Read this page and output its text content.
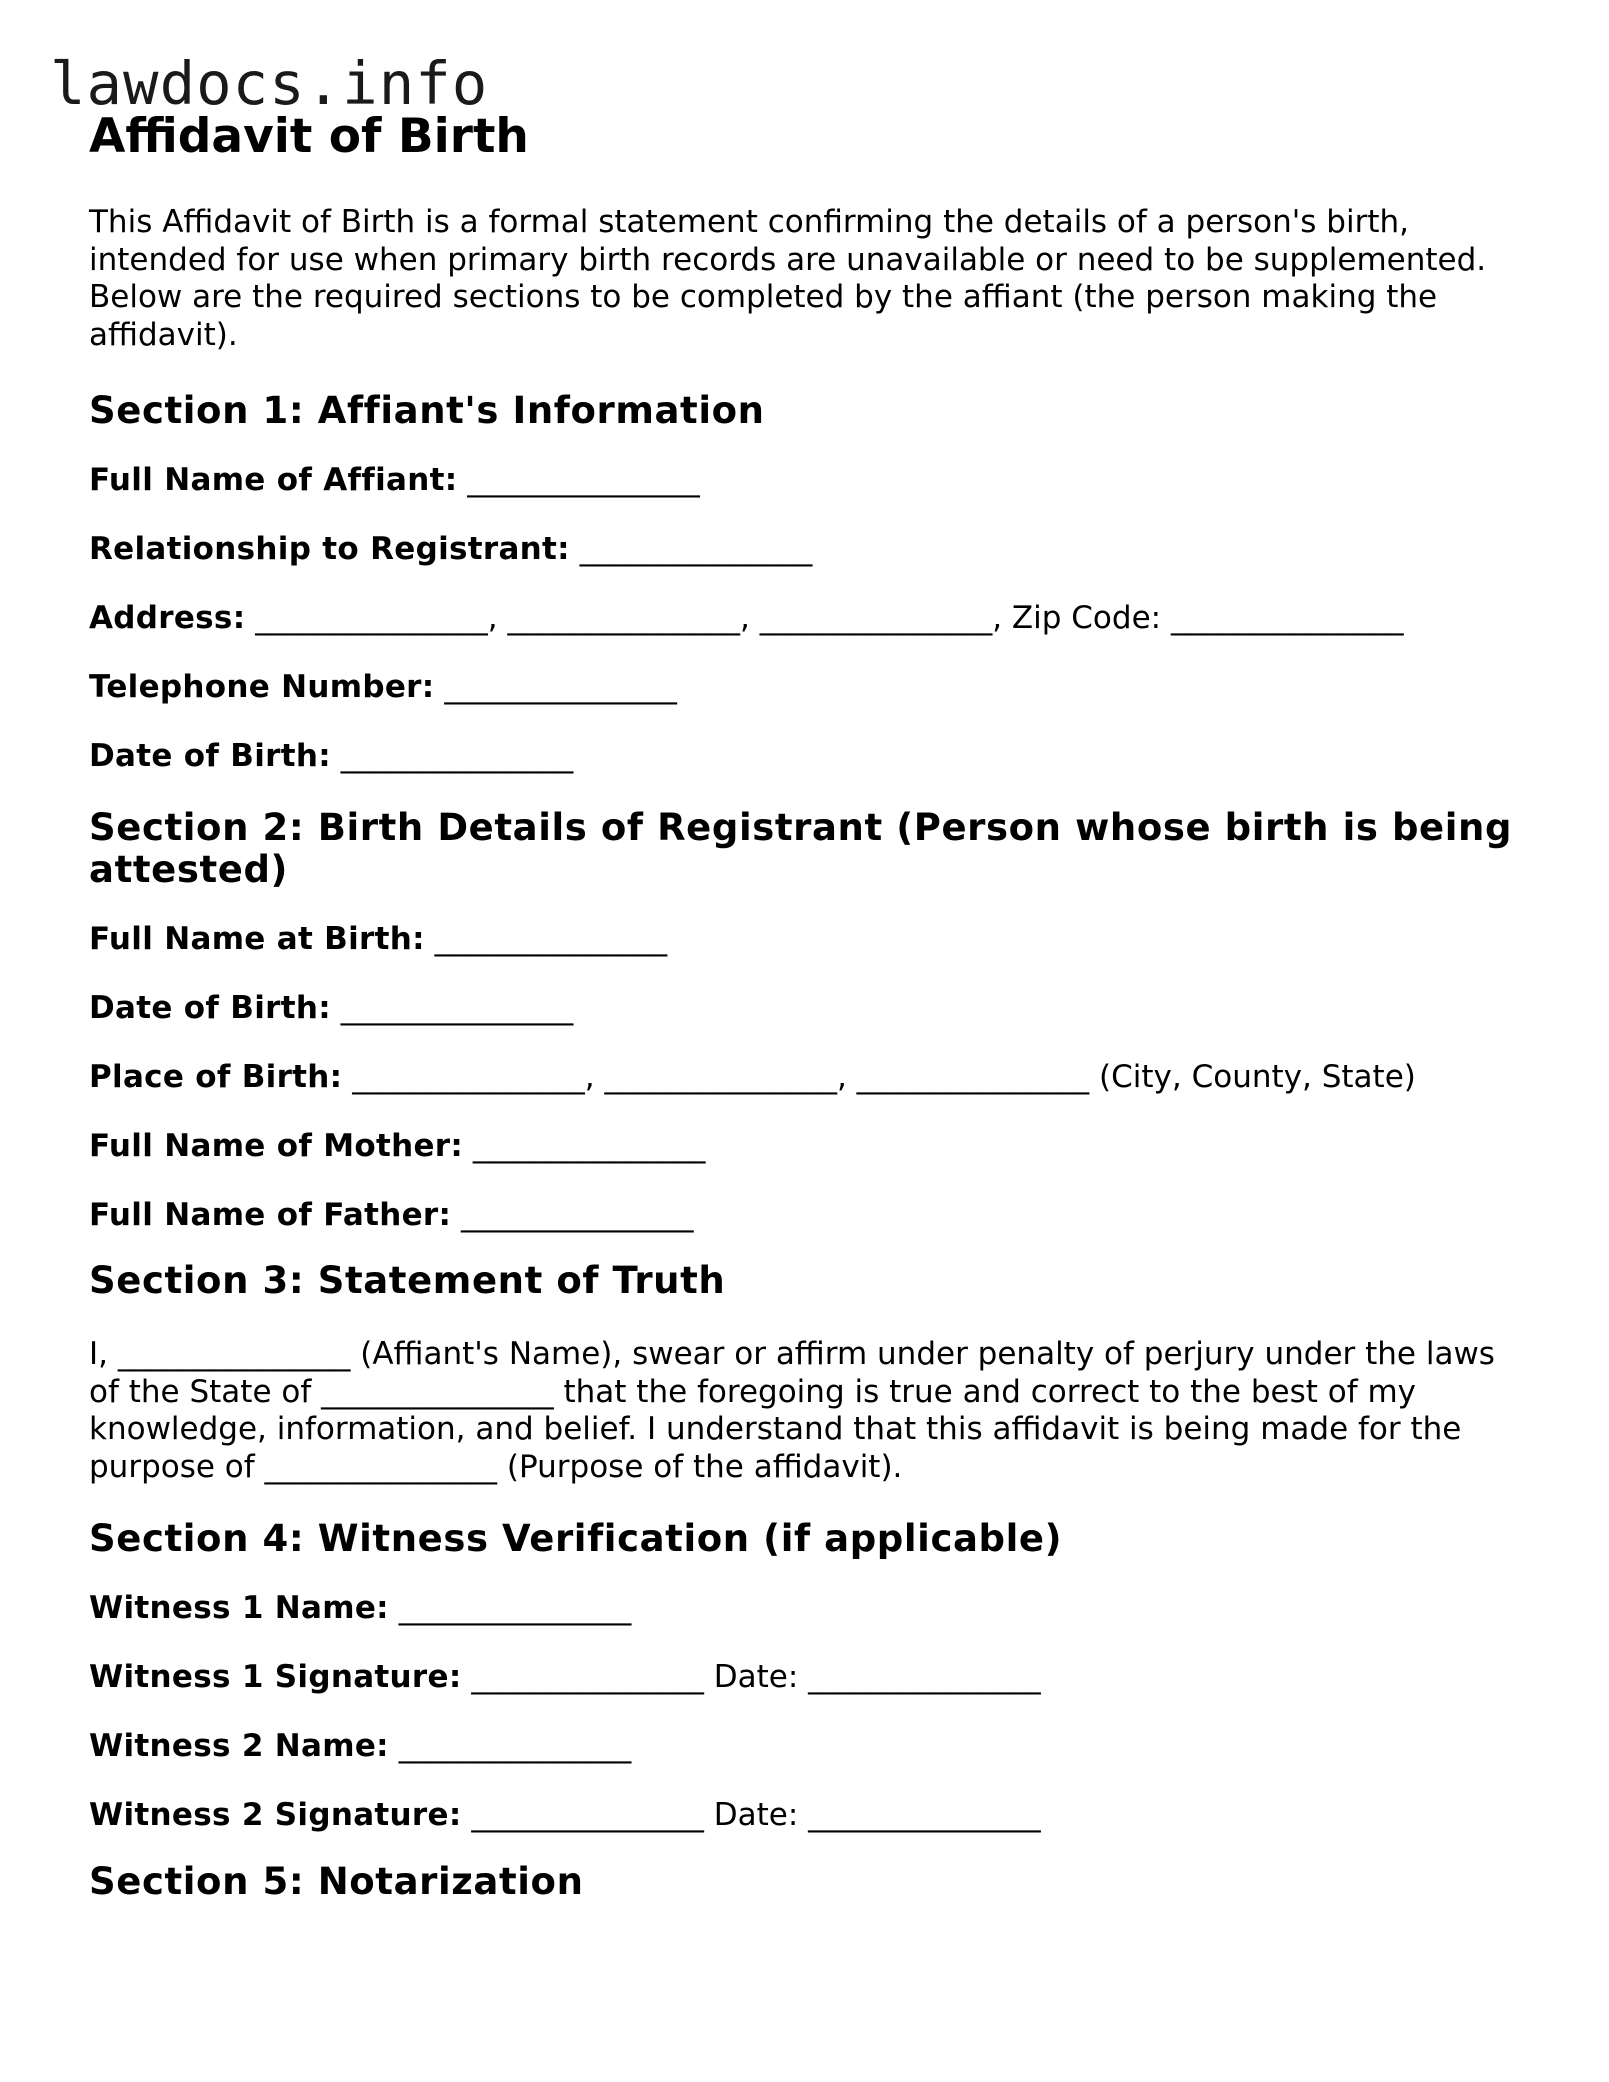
lawdocs.info
Affidavit of Birth

This Affidavit of Birth is a formal statement confirming the details of a person's birth, intended for use when primary birth records are unavailable or need to be supplemented. Below are the required sections to be completed by the affiant (the person making the affidavit).

Section 1: Affiant's Information

Full Name of Affiant: _______________

Relationship to Registrant: _______________

Address: _______________, _______________, _______________, Zip Code: _______________

Telephone Number: _______________

Date of Birth: _______________

Section 2: Birth Details of Registrant (Person whose birth is being attested)

Full Name at Birth: _______________

Date of Birth: _______________

Place of Birth: _______________, _______________, _______________ (City, County, State)

Full Name of Mother: _______________

Full Name of Father: _______________

Section 3: Statement of Truth

I, _______________ (Affiant's Name), swear or affirm under penalty of perjury under the laws of the State of _______________ that the foregoing is true and correct to the best of my knowledge, information, and belief. I understand that this affidavit is being made for the purpose of _______________ (Purpose of the affidavit).

Section 4: Witness Verification (if applicable)

Witness 1 Name: _______________

Witness 1 Signature: _______________ Date: _______________

Witness 2 Name: _______________

Witness 2 Signature: _______________ Date: _______________

Section 5: Notarization
